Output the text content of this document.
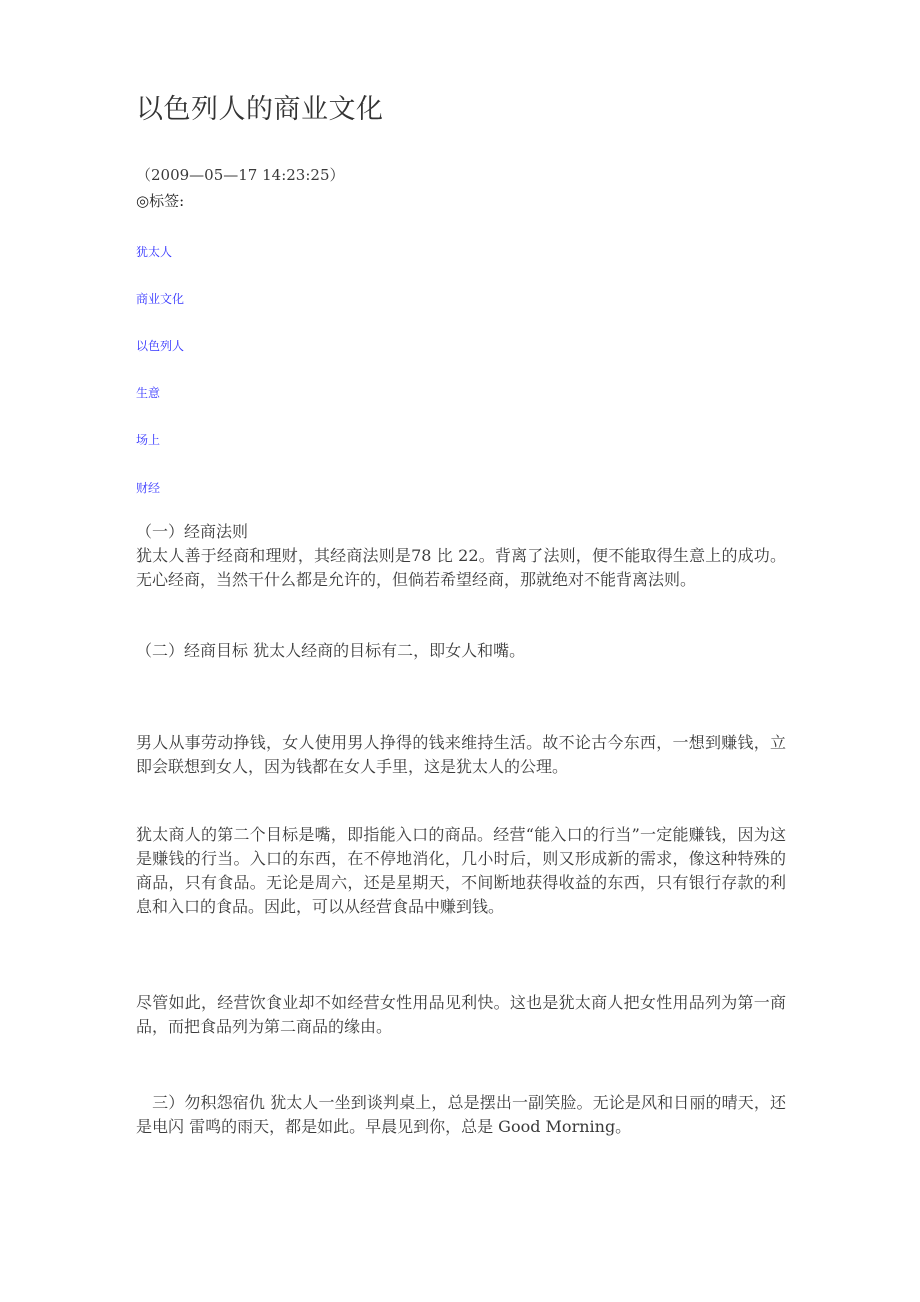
以色列人的商业文化
（2009—05—17 14:23:25）
◎标签:
犹太人
商业文化
以色列人
生意
场上
财经
（一）经商法则
犹太人善于经商和理财，其经商法则是78 比 22。背离了法则，便不能取得生意上的成功。无心经商，当然干什么都是允许的，但倘若希望经商，那就绝对不能背离法则。
（二）经商目标 犹太人经商的目标有二，即女人和嘴。
男人从事劳动挣钱，女人使用男人挣得的钱来维持生活。故不论古今东西，一想到赚钱，立即会联想到女人，因为钱都在女人手里，这是犹太人的公理。
犹太商人的第二个目标是嘴，即指能入口的商品。经营“能入口的行当”一定能赚钱，因为这是赚钱的行当。入口的东西，在不停地消化，几小时后，则又形成新的需求，像这种特殊的商品，只有食品。无论是周六，还是星期天，不间断地获得收益的东西，只有银行存款的利息和入口的食品。因此，可以从经营食品中赚到钱。
尽管如此，经营饮食业却不如经营女性用品见利快。这也是犹太商人把女性用品列为第一商品，而把食品列为第二商品的缘由。
　三）勿积怨宿仇 犹太人一坐到谈判桌上，总是摆出一副笑脸。无论是风和日丽的晴天，还是电闪 雷鸣的雨天，都是如此。早晨见到你，总是 Good Morning。
